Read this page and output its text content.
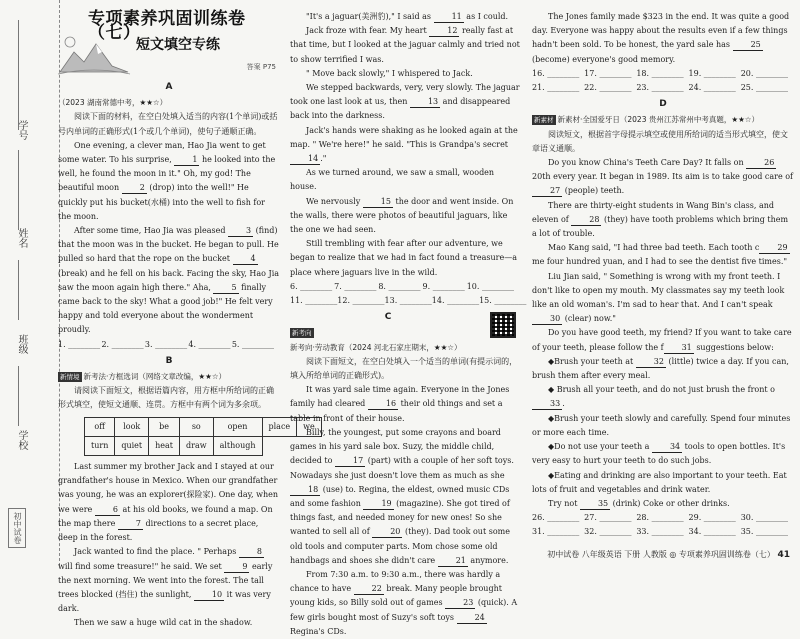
学号
姓名
班级
学校
初中试卷
专项素养巩固训练卷（七）
短文填空专练
答案 P75
A

（2023 湖南常德中考，★★☆）

阅读下面的材料，在空白处填入适当的内容(1个单词)或括号内单词的正确形式(1个或几个单词)，使句子通顺正确。

One evening, a clever man, Hao Jia went to get some water. To his surprise, 1 he looked into the well, he found the moon in it." Oh, my god! The beautiful moon 2 (drop) into the well!" He quickly put his bucket(水桶) into the well to fish for the moon.

After some time, Hao Jia was pleased 3 (find) that the moon was in the bucket. He began to pull. He pulled so hard that the rope on the bucket 4 (break) and he fell on his back. Facing the sky, Hao Jia saw the moon again high there." Aha, 5 finally came back to the sky! What a good job!" He felt very happy and told everyone about the wonderment proudly.

1. ________ 2. ________ 3. ________ 4. ________ 5. ________
B

新情境 新考法·方框选词（网络文章改编，★★☆）

请阅读下面短文，根据语篇内容，用方框中所给词的正确形式填空，使短文通顺、连贯。方框中有两个词为多余项。

off	look	be	so	open	place	we
turn	quiet	heat	draw	although		

Last summer my brother Jack and I stayed at our grandfather's house in Mexico. When our grandfather was young, he was an explorer(探险家). One day, when we were 6 at his old books, we found a map. On the map there 7 directions to a secret place, deep in the forest.

Jack wanted to find the place. " Perhaps 8 will find some treasure!" he said. We set 9 early the next morning. We went into the forest. The tall trees blocked (挡住) the sunlight, 10 it was very dark.

Then we saw a huge wild cat in the shadow.

"It's a jaguar(美洲豹)," I said as 11 as I could.

Jack froze with fear. My heart 12 really fast at that time, but I looked at the jaguar calmly and tried not to show terrified I was.

" Move back slowly," I whispered to Jack.

We stepped backwards, very, very slowly. The jaguar took one last look at us, then 13 and disappeared back into the darkness.

Jack's hands were shaking as he looked again at the map. " We're here!" he said. "This is Grandpa's secret 14 ."

As we turned around, we saw a small, wooden house.

We nervously 15 the door and went inside. On the walls, there were photos of beautiful jaguars, like the one we had seen.

Still trembling with fear after our adventure, we began to realize that we had in fact found a treasure—a place where jaguars live in the wild.

6. ________ 7. ________ 8. ________ 9. ________ 10. ________
11. ________ 12. ________ 13. ________ 14. ________ 15. ________
C

新考向新考向·劳动教育（2024 河北石家庄期末，★★☆）

阅读下面短文，在空白处填入一个适当的单词(有提示词的，填入所给单词的正确形式)。

It was yard sale time again. Everyone in the Jones family had cleared 16 their old things and set a table in front of their house.

Billy, the youngest, put some crayons and board games in his yard sale box. Suzy, the middle child, decided to 17 (part) with a couple of her soft toys. Nowadays she just doesn't love them as much as she 18 (use) to. Regina, the eldest, owned music CDs and some fashion 19 (magazine). She got tired of things fast, and needed money for new ones! So she wanted to sell all of 20 (they). Dad took out some old tools and computer parts. Mom chose some old handbags and shoes she didn't care 21 anymore.

From 7:30 a.m. to 9:30 a.m., there was hardly a chance to have 22 break. Many people brought young kids, so Billy sold out of games 23 (quick). A few girls bought most of Suzy's soft toys 24 Regina's CDs.

The Jones family made $323 in the end. It was quite a good day. Everyone was happy about the results even if a few things hadn't been sold. To be honest, the yard sale has 25 (become) everyone's good memory.

16. ________ 17. ________ 18. ________ 19. ________ 20. ________
21. ________ 22. ________ 23. ________ 24. ________ 25. ________
D

新素材 新素材·全国爱牙日（2023 贵州江苏常州中考真题，★★☆）

阅读短文，根据首字母提示填空或使用所给词的适当形式填空，使文章语义通顺。

Do you know China's Teeth Care Day? It falls on 26 20th every year. It began in 1989. Its aim is to take good care of 27 (people) teeth.

There are thirty-eight students in Wang Bin's class, and eleven of 28 (they) have tooth problems which bring them a lot of trouble.

Mao Kang said, "I had three bad teeth. Each tooth c 29 me four hundred yuan, and I had to see the dentist five times."

Liu Jian said, " Something is wrong with my front teeth. I don't like to open my mouth. My classmates say my teeth look like an old woman's. I'm sad to hear that. And I can't speak 30 (clear) now."

Do you have good teeth, my friend? If you want to take care of your teeth, please follow the f 31 suggestions below:

◆Brush your teeth at 32 (little) twice a day. If you can, brush them after every meal.

◆ Brush all your teeth, and do not just brush the front o33 .

◆Brush your teeth slowly and carefully. Spend four minutes or more each time.

◆Do not use your teeth a 34 tools to open bottles. It's very easy to hurt your teeth to do such jobs.

◆Eating and drinking are also important to your teeth. Eat lots of fruit and vegetables and drink water.

Try not 35 (drink) Coke or other drinks.

26. ________ 27. ________ 28. ________ 29. ________ 30. ________
31. ________ 32. ________ 33. ________ 34. ________ 35. ________
初中试卷 八年级英语 下册 人教版 ◎ 专项素养巩固训练卷（七） 41
